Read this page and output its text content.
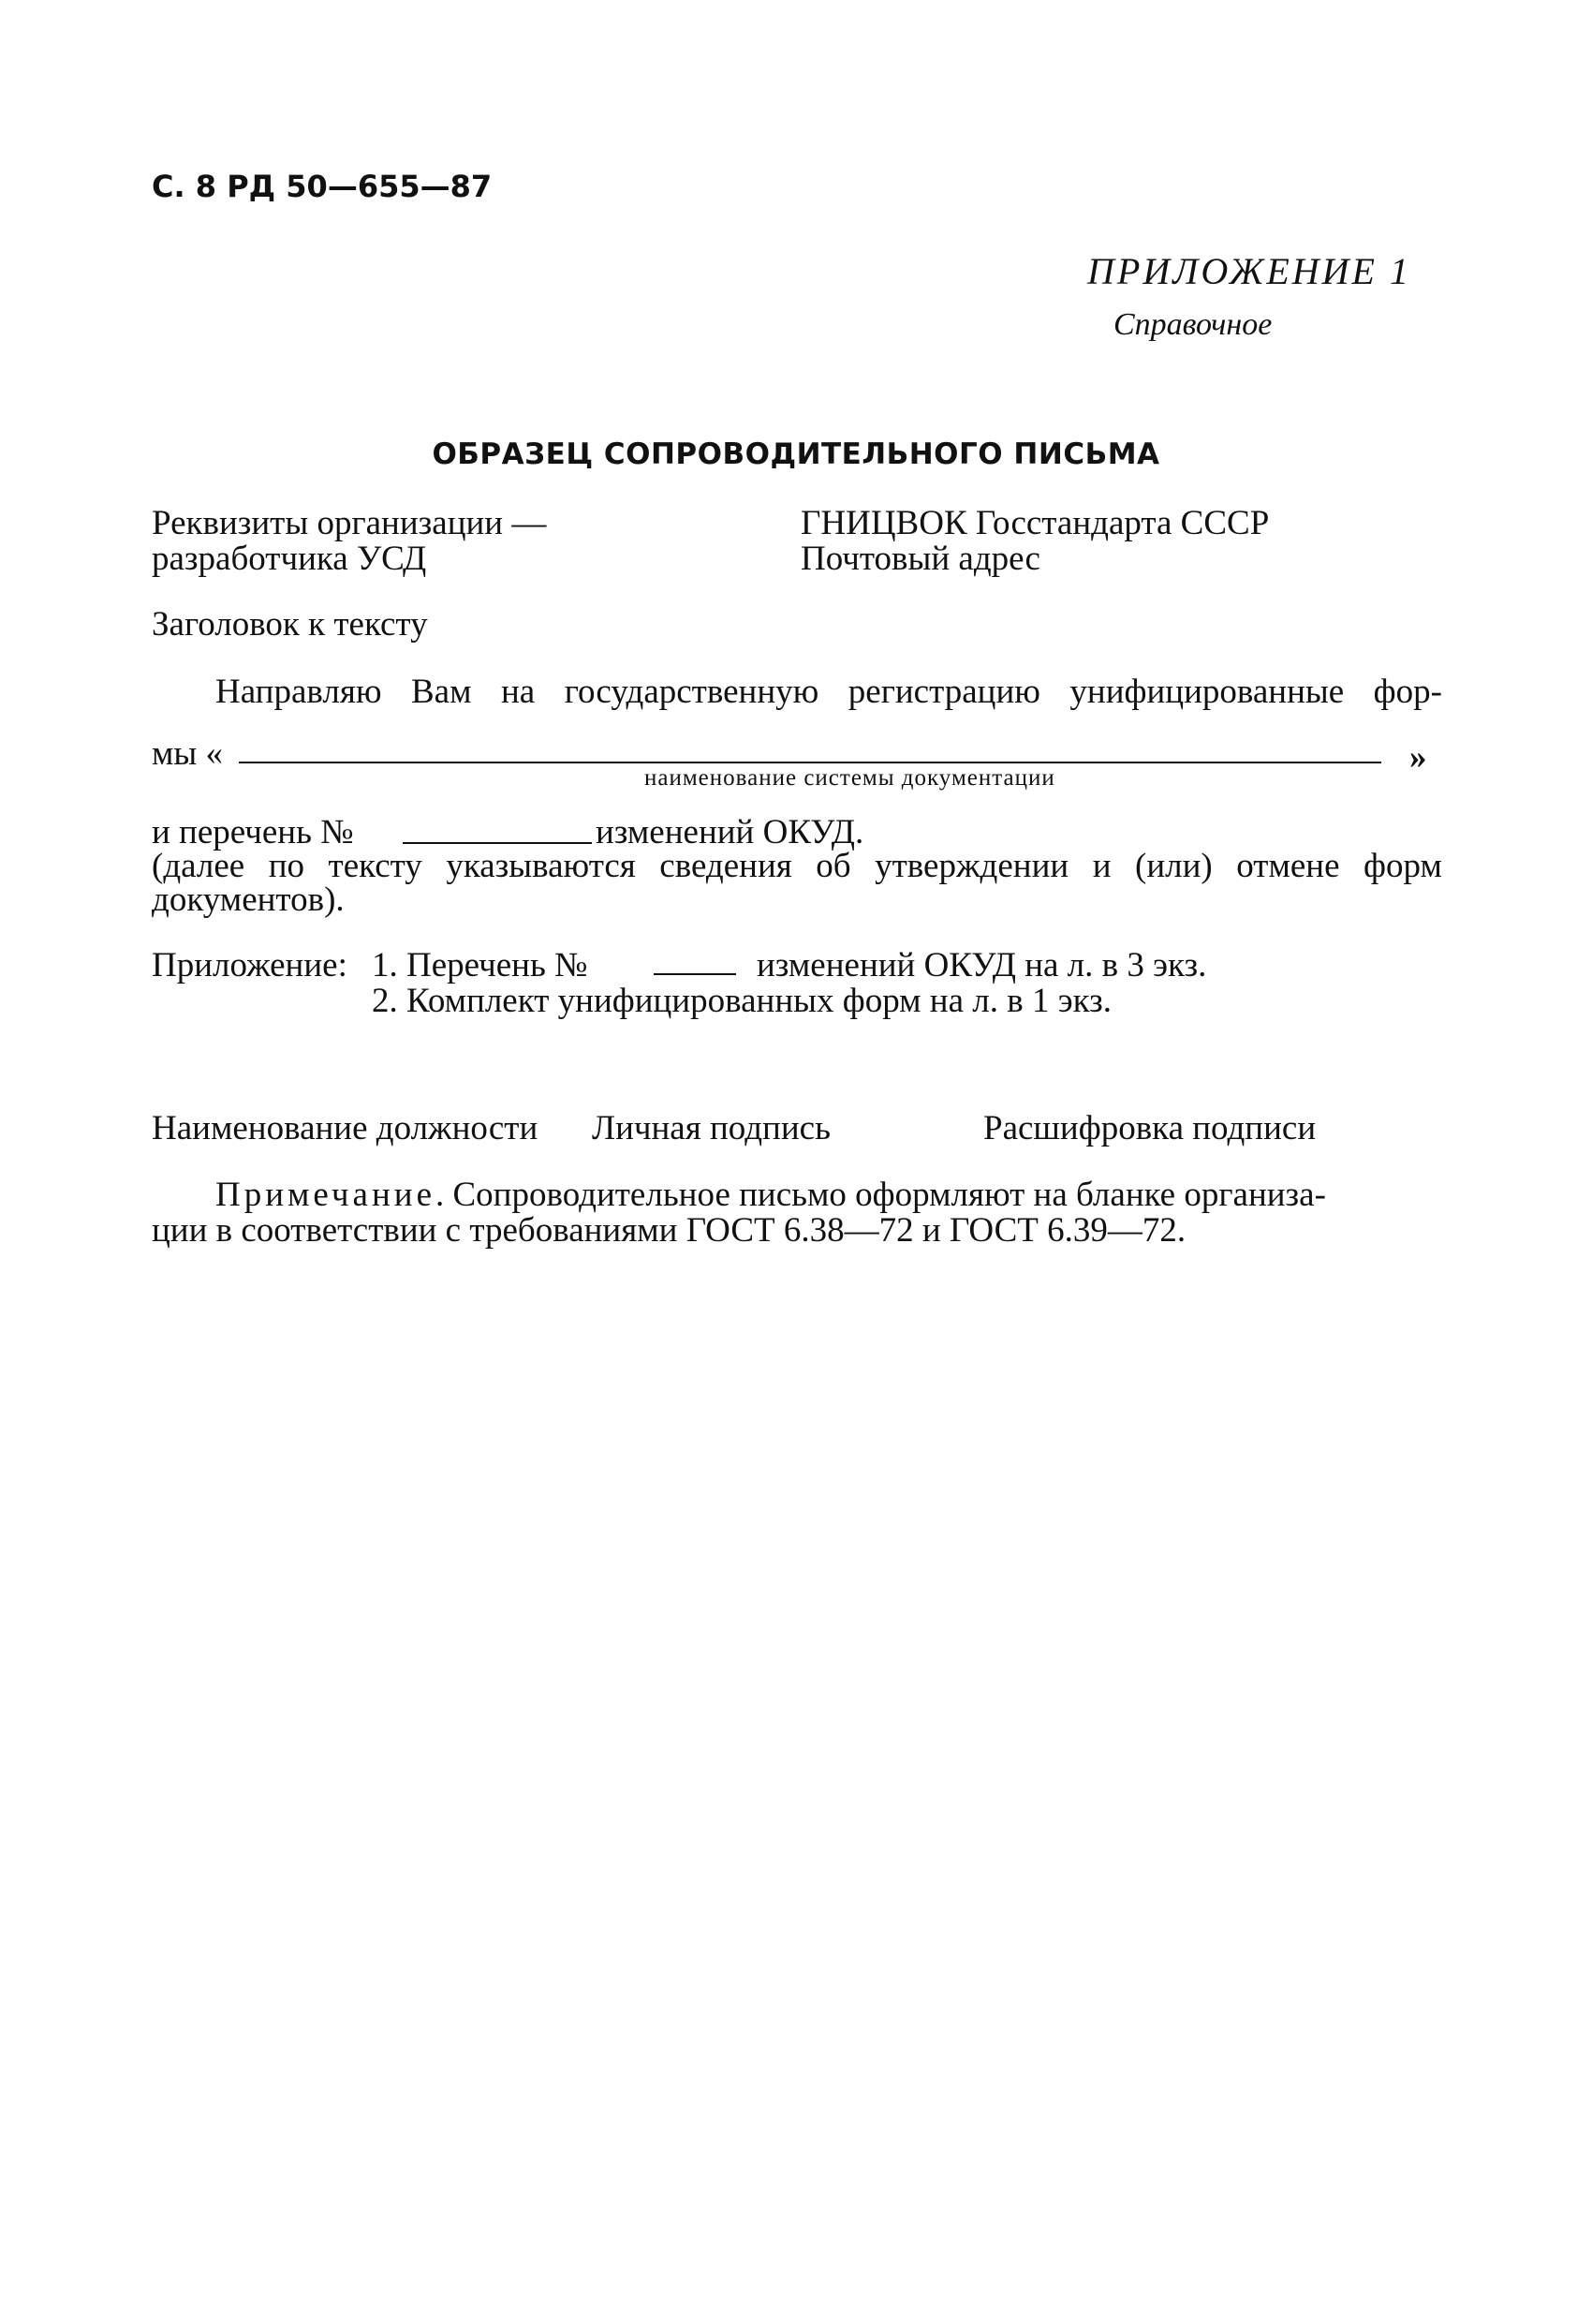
С. 8 РД 50—655—87
ПРИЛОЖЕНИЕ 1
Справочное
ОБРАЗЕЦ СОПРОВОДИТЕЛЬНОГО ПИСЬМА
Реквизиты организации —
разработчика УСД
ГНИЦВОК Госстандарта СССР
Почтовый адрес
Заголовок к тексту
Направляю Вам на государственную регистрацию унифицированные фор-
мы «	»
наименование системы документации
и перечень №	изменений ОКУД.
(далее по тексту указываются сведения об утверждении и (или) отмене форм
документов).
Приложение: 1. Перечень №	изменений ОКУД на л. в 3 экз.
2. Комплект унифицированных форм на л. в 1 экз.
Наименование должности Личная подпись	Расшифровка подписи
Примечание. Сопроводительное письмо оформляют на бланке организа-
ции в соответствии с требованиями ГОСТ 6.38—72 и ГОСТ 6.39—72.
